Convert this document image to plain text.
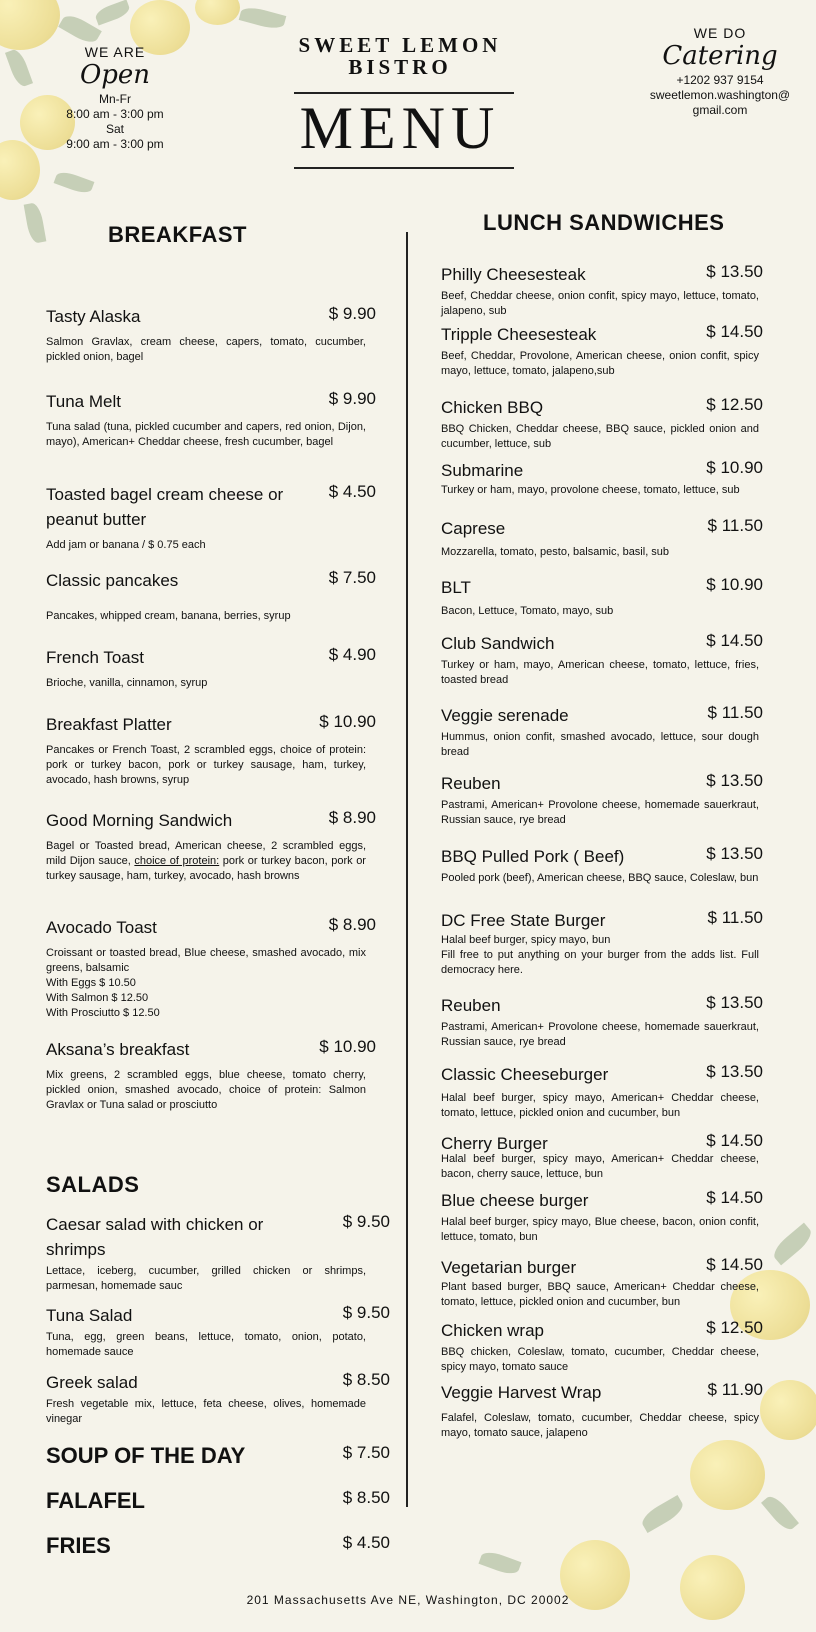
WE ARE
Open
Mn-Fr
8:00 am - 3:00 pm
Sat
9:00 am - 3:00 pm
SWEET LEMON
BISTRO
MENU
WE DO
Catering
+1202 937 9154
sweetlemon.washington@
gmail.com
BREAKFAST
Tasty Alaska	$ 9.90
Salmon Gravlax, cream cheese, capers, tomato, cucumber, pickled onion, bagel
Tuna Melt	$ 9.90
Tuna salad (tuna, pickled cucumber and capers, red onion, Dijon, mayo), American+ Cheddar cheese, fresh cucumber, bagel
Toasted bagel cream cheese or peanut butter
$ 4.50
Add jam or banana / $ 0.75 each
Classic pancakes	$ 7.50
Pancakes, whipped cream, banana, berries, syrup
French Toast	$ 4.90
Brioche, vanilla, cinnamon, syrup
Breakfast Platter	$ 10.90
Pancakes or French Toast, 2 scrambled eggs, choice of protein: pork or turkey bacon, pork or turkey sausage, ham, turkey, avocado, hash browns, syrup
Good Morning Sandwich	$ 8.90
Bagel or Toasted bread, American cheese, 2 scrambled eggs, mild Dijon sauce, choice of protein: pork or turkey bacon, pork or turkey sausage, ham, turkey, avocado, hash browns
Avocado Toast	$ 8.90
Croissant or toasted bread, Blue cheese, smashed avocado, mix greens, balsamic
With Eggs $ 10.50
With Salmon $ 12.50
With Prosciutto $ 12.50
Aksana’s breakfast	$ 10.90
Mix greens, 2 scrambled eggs, blue cheese, tomato cherry, pickled onion, smashed avocado, choice of protein: Salmon Gravlax or Tuna salad or prosciutto
SALADS
Caesar salad with chicken or shrimps
$ 9.50
Lettace, iceberg, cucumber, grilled chicken or shrimps, parmesan, homemade sauc
Tuna Salad	$ 9.50
Tuna, egg, green beans, lettuce, tomato, onion, potato, homemade sauce
Greek salad	$ 8.50
Fresh vegetable mix, lettuce, feta cheese, olives, homemade vinegar
SOUP OF THE DAY	$ 7.50
FALAFEL	$ 8.50
FRIES	$ 4.50
LUNCH SANDWICHES
Philly Cheesesteak	$ 13.50
Beef, Cheddar cheese, onion confit, spicy mayo, lettuce, tomato, jalapeno, sub
Tripple Cheesesteak	$ 14.50
Beef, Cheddar, Provolone, American cheese, onion confit, spicy mayo, lettuce, tomato, jalapeno,sub
Chicken BBQ	$ 12.50
BBQ Chicken, Cheddar cheese, BBQ sauce, pickled onion and cucumber, lettuce, sub
Submarine	$ 10.90
Turkey or ham, mayo, provolone cheese, tomato, lettuce, sub
Caprese	$ 11.50
Mozzarella, tomato, pesto, balsamic, basil, sub
BLT	$ 10.90
Bacon, Lettuce, Tomato, mayo, sub
Club Sandwich	$ 14.50
Turkey or ham, mayo, American cheese, tomato, lettuce, fries, toasted bread
Veggie serenade	$ 11.50
Hummus, onion confit, smashed avocado, lettuce, sour dough bread
Reuben	$ 13.50
Pastrami, American+ Provolone cheese, homemade sauerkraut, Russian sauce, rye bread
BBQ Pulled Pork ( Beef)	$ 13.50
Pooled pork (beef), American cheese, BBQ sauce, Coleslaw, bun
DC Free State Burger	$ 11.50
Halal beef burger, spicy mayo, bun
Fill free to put anything on your burger from the adds list. Full democracy here.
Reuben	$ 13.50
Pastrami, American+ Provolone cheese, homemade sauerkraut, Russian sauce, rye bread
Classic Cheeseburger	$ 13.50
Halal beef burger, spicy mayo, American+ Cheddar cheese, tomato, lettuce, pickled onion and cucumber, bun
Cherry Burger	$ 14.50
Halal beef burger, spicy mayo, American+ Cheddar cheese, bacon, cherry sauce, lettuce, bun
Blue cheese burger	$ 14.50
Halal beef burger, spicy mayo, Blue cheese, bacon, onion confit, lettuce, tomato, bun
Vegetarian burger	$ 14.50
Plant based burger, BBQ sauce, American+ Cheddar cheese, tomato, lettuce, pickled onion and cucumber, bun
Chicken wrap	$ 12.50
BBQ chicken, Coleslaw, tomato, cucumber, Cheddar cheese, spicy mayo, tomato sauce
Veggie Harvest Wrap	$ 11.90
Falafel, Coleslaw, tomato, cucumber, Cheddar cheese, spicy mayo, tomato sauce, jalapeno
201 Massachusetts Ave NE, Washington, DC 20002
